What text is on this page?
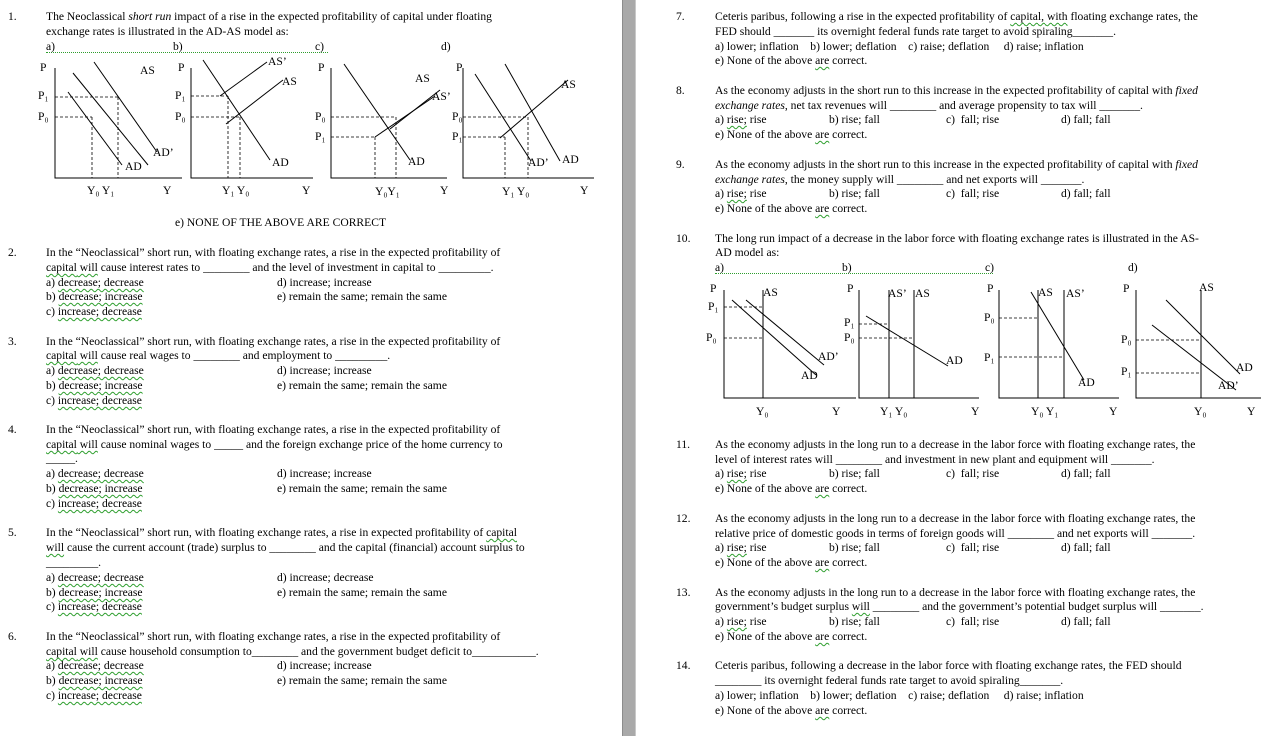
1.	The Neoclassical short run impact of a rise in the expected profitability of capital under floating
exchange rates is illustrated in the AD-AS model as:
a)	b)	c)	d)
P
P₁
P₀
AS
AD’
AD
Y₀ Y₁	Y
P
P₁
P₀
AS’
AS
AD
Y₁ Y₀	Y
P
P₀
P₁
AS
AS’
AD
Y₀Y₁	Y
P
P₀
P₁
AS
AD’ AD
Y₁ Y₀	Y
e) NONE OF THE ABOVE ARE CORRECT
2.	In the “Neoclassical” short run, with floating exchange rates, a rise in the expected profitability of
capital will cause interest rates to ________ and the level of investment in capital to _________.
a) decrease; decrease
b) decrease; increase
c) increase; decrease
d) increase; increase
e) remain the same; remain the same
3.	In the “Neoclassical” short run, with floating exchange rates, a rise in the expected profitability of
capital will cause real wages to ________ and employment to _________.
a) decrease; decrease
b) decrease; increase
c) increase; decrease
d) increase; increase
e) remain the same; remain the same
4.	In the “Neoclassical” short run, with floating exchange rates, a rise in the expected profitability of
capital will cause nominal wages to _____ and the foreign exchange price of the home currency to
_____.
a) decrease; decrease
b) decrease; increase
c) increase; decrease
d) increase; increase
e) remain the same; remain the same
5.	In the “Neoclassical” short run, with floating exchange rates, a rise in expected profitability of capital
will cause the current account (trade) surplus to ________ and the capital (financial) account surplus to
_________.
a) decrease; decrease
b) decrease; increase
c) increase; decrease
d) increase; decrease
e) remain the same; remain the same
6.	In the “Neoclassical” short run, with floating exchange rates, a rise in the expected profitability of
capital will cause household consumption to________ and the government budget deficit to___________.
a) decrease; decrease
b) decrease; increase
c) increase; decrease
d) increase; increase
e) remain the same; remain the same
7.	Ceteris paribus, following a rise in the expected profitability of capital, with floating exchange rates, the
FED should _______ its overnight federal funds rate target to avoid spiraling_______.
a) lower; inflation    b) lower; deflation    c) raise; deflation     d) raise; inflation
e) None of the above are correct.
8.	As the economy adjusts in the short run to this increase in the expected profitability of capital with fixed
exchange rates, net tax revenues will ________ and average propensity to tax will _______.
a) rise; rise	b) rise; fall	c)  fall; rise	d) fall; fall
e) None of the above are correct.
9.	As the economy adjusts in the short run to this increase in the expected profitability of capital with fixed
exchange rates, the money supply will ________ and net exports will _______.
a) rise; rise	b) rise; fall	c)  fall; rise	d) fall; fall
e) None of the above are correct.
10. The long run impact of a decrease in the labor force with floating exchange rates is illustrated in the AS-
AD model as:
a)	b)	c)	d)
P
P₁
P₀
AS
AD’
AD
Y₀	Y
P
P₁
P₀
AS’ AS
AD
Y₁ Y₀	Y
P
P₀
P₁
AS AS’
AD
Y₀ Y₁	Y
P
P₀
P₁
AS
AD
AD’
Y₀	Y
11. As the economy adjusts in the long run to a decrease in the labor force with floating exchange rates, the
level of interest rates will ________ and investment in new plant and equipment will _______.
a) rise; rise	b) rise; fall	c)  fall; rise	d) fall; fall
e) None of the above are correct.
12. As the economy adjusts in the long run to a decrease in the labor force with floating exchange rates, the
relative price of domestic goods in terms of foreign goods will ________ and net exports will _______.
a) rise; rise	b) rise; fall	c)  fall; rise	d) fall; fall
e) None of the above are correct.
13. As the economy adjusts in the long run to a decrease in the labor force with floating exchange rates, the
government’s budget surplus will ________ and the government’s potential budget surplus will _______.
a) rise; rise	b) rise; fall	c)  fall; rise	d) fall; fall
e) None of the above are correct.
14. Ceteris paribus, following a decrease in the labor force with floating exchange rates, the FED should
________ its overnight federal funds rate target to avoid spiraling_______.
a) lower; inflation    b) lower; deflation    c) raise; deflation     d) raise; inflation
e) None of the above are correct.
